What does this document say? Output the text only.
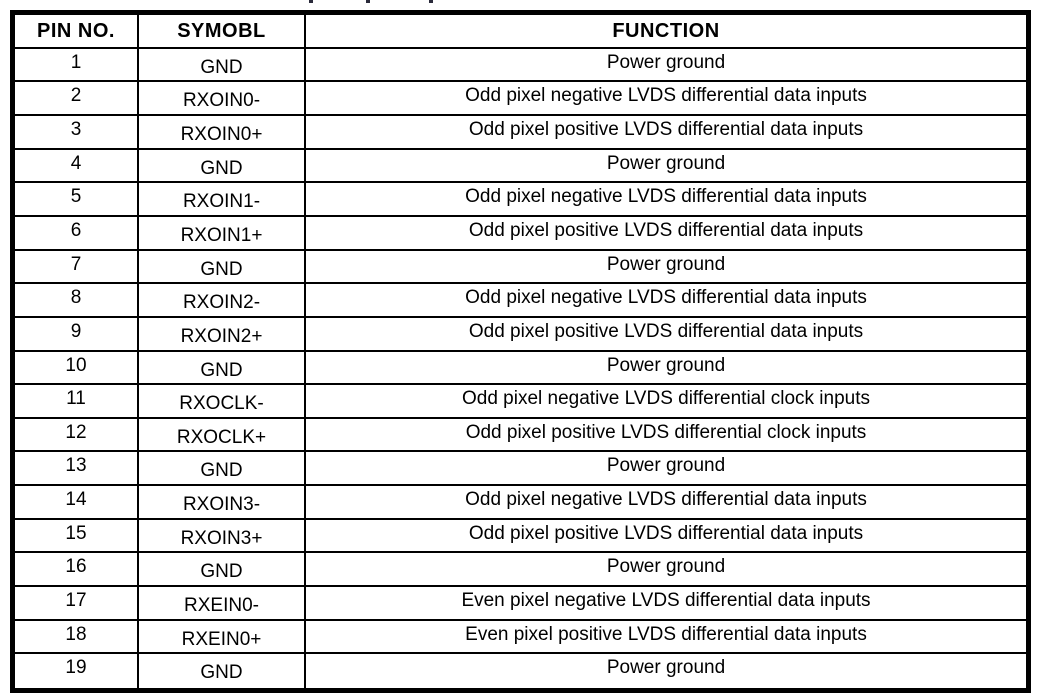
PIN NO.	SYMOBL	FUNCTION
1	GND	Power ground
2	RXOIN0-	Odd pixel negative LVDS differential data inputs
3	RXOIN0+	Odd pixel positive LVDS differential data inputs
4	GND	Power ground
5	RXOIN1-	Odd pixel negative LVDS differential data inputs
6	RXOIN1+	Odd pixel positive LVDS differential data inputs
7	GND	Power ground
8	RXOIN2-	Odd pixel negative LVDS differential data inputs
9	RXOIN2+	Odd pixel positive LVDS differential data inputs
10	GND	Power ground
11	RXOCLK-	Odd pixel negative LVDS differential clock inputs
12	RXOCLK+	Odd pixel positive LVDS differential clock inputs
13	GND	Power ground
14	RXOIN3-	Odd pixel negative LVDS differential data inputs
15	RXOIN3+	Odd pixel positive LVDS differential data inputs
16	GND	Power ground
17	RXEIN0-	Even pixel negative LVDS differential data inputs
18	RXEIN0+	Even pixel positive LVDS differential data inputs
19	GND	Power ground
